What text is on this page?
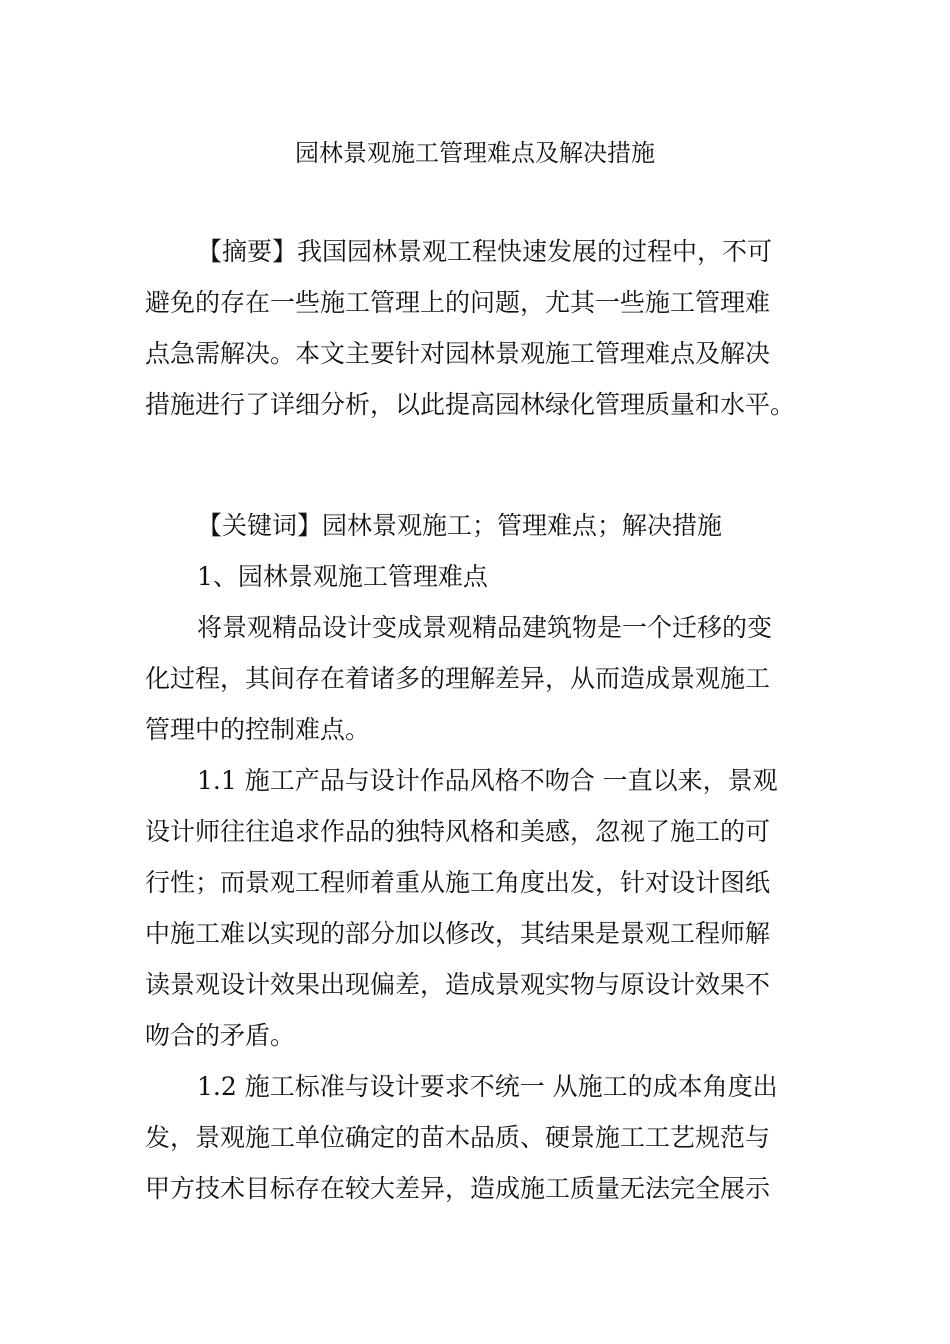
园林景观施工管理难点及解决措施
【摘要】我国园林景观工程快速发展的过程中，不可
避免的存在一些施工管理上的问题，尤其一些施工管理难
点急需解决。本文主要针对园林景观施工管理难点及解决
措施进行了详细分析，以此提高园林绿化管理质量和水平。
【关键词】园林景观施工；管理难点；解决措施
1、园林景观施工管理难点
将景观精品设计变成景观精品建筑物是一个迁移的变
化过程，其间存在着诸多的理解差异，从而造成景观施工
管理中的控制难点。
1.1 施工产品与设计作品风格不吻合 一直以来，景观
设计师往往追求作品的独特风格和美感，忽视了施工的可
行性；而景观工程师着重从施工角度出发，针对设计图纸
中施工难以实现的部分加以修改，其结果是景观工程师解
读景观设计效果出现偏差，造成景观实物与原设计效果不
吻合的矛盾。
1.2 施工标准与设计要求不统一 从施工的成本角度出
发，景观施工单位确定的苗木品质、硬景施工工艺规范与
甲方技术目标存在较大差异，造成施工质量无法完全展示
